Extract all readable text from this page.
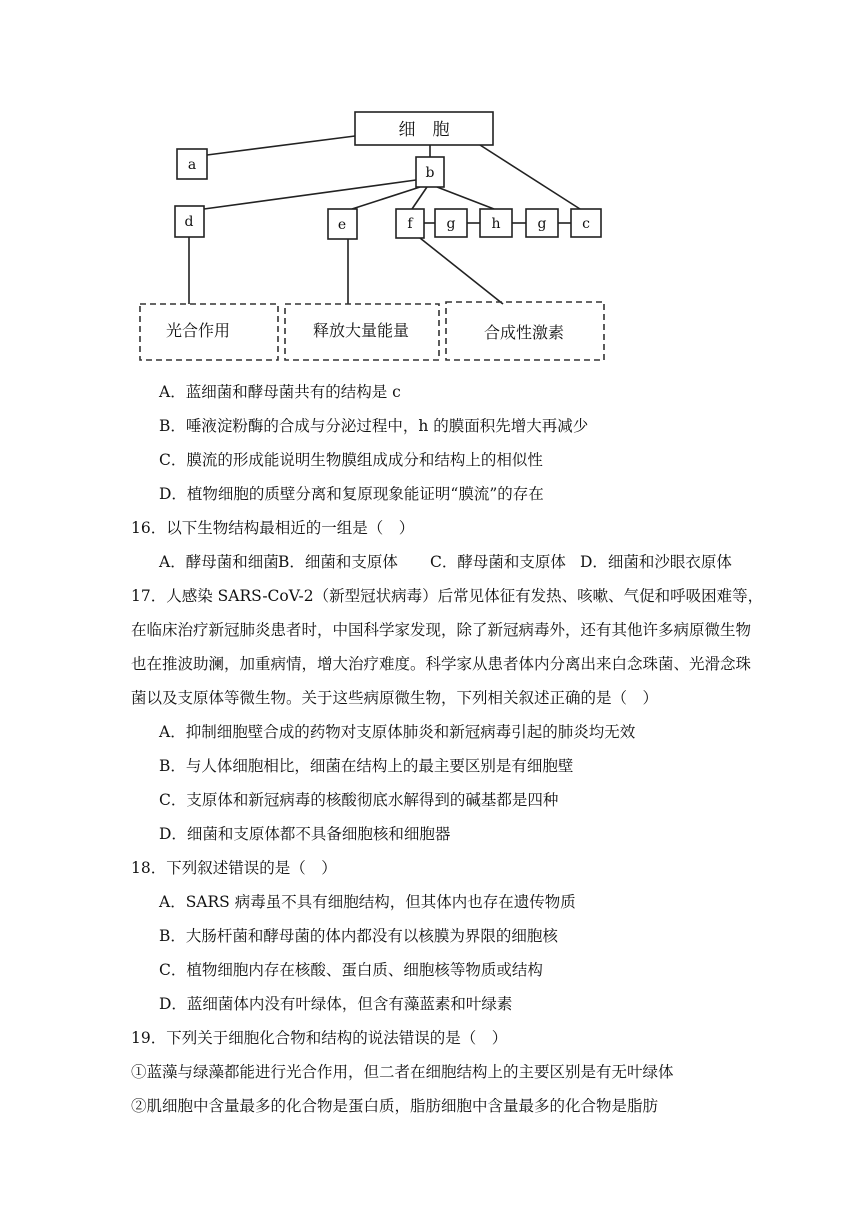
细　胞
a	b
d	e	f g	h	g	c
光合作用	释放大量能量	合成性激素
A．蓝细菌和酵母菌共有的结构是 c
B．唾液淀粉酶的合成与分泌过程中，h 的膜面积先增大再减少
C．膜流的形成能说明生物膜组成成分和结构上的相似性
D．植物细胞的质壁分离和复原现象能证明“膜流”的存在
16．以下生物结构最相近的一组是（　）
A．酵母菌和细菌 B．细菌和支原体 C．酵母菌和支原体 D．细菌和沙眼衣原体
17．人感染 SARS-CoV-2（新型冠状病毒）后常见体征有发热、咳嗽、气促和呼吸困难等，
在临床治疗新冠肺炎患者时，中国科学家发现，除了新冠病毒外，还有其他许多病原微生物
也在推波助澜，加重病情，增大治疗难度。科学家从患者体内分离出来白念珠菌、光滑念珠
菌以及支原体等微生物。关于这些病原微生物，下列相关叙述正确的是（　）
A．抑制细胞壁合成的药物对支原体肺炎和新冠病毒引起的肺炎均无效
B．与人体细胞相比，细菌在结构上的最主要区别是有细胞壁
C．支原体和新冠病毒的核酸彻底水解得到的碱基都是四种
D．细菌和支原体都不具备细胞核和细胞器
18．下列叙述错误的是（　）
A．SARS 病毒虽不具有细胞结构，但其体内也存在遗传物质
B．大肠杆菌和酵母菌的体内都没有以核膜为界限的细胞核
C．植物细胞内存在核酸、蛋白质、细胞核等物质或结构
D．蓝细菌体内没有叶绿体，但含有藻蓝素和叶绿素
19．下列关于细胞化合物和结构的说法错误的是（　）
①蓝藻与绿藻都能进行光合作用，但二者在细胞结构上的主要区别是有无叶绿体
②肌细胞中含量最多的化合物是蛋白质，脂肪细胞中含量最多的化合物是脂肪
